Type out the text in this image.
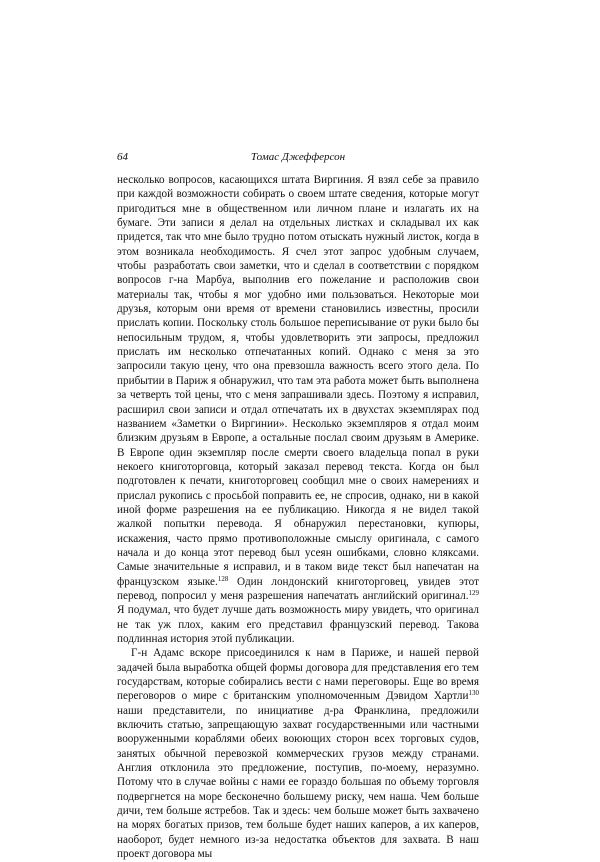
64	Томас Джефферсон

несколько вопросов, касающихся штата Виргиния. Я взял себе за правило при каждой возможности собирать о своем штате сведения, которые могут пригодиться мне в общественном или личном плане и излагать их на бумаге. Эти записи я делал на отдельных листках и складывал их как придется, так что мне было трудно потом отыскать нужный листок, когда в этом возникала необходимость. Я счел этот запрос удобным случаем, чтобы  разработать свои заметки, что и сделал в соответствии с порядком вопросов г-на Марбуа, выполнив его пожелание и расположив свои материалы так, чтобы я мог удобно ими пользоваться. Некоторые мои друзья, которым они время от времени становились известны, просили прислать копии. Поскольку столь большое переписывание от руки было бы непосильным трудом, я, чтобы удовлетворить эти запросы, предложил прислать им несколько отпечатанных копий. Однако с меня за это запросили такую цену, что она превзошла важность всего этого дела. По прибытии в Париж я обнаружил, что там эта работа может быть выполнена за четверть той цены, что с меня запрашивали здесь. Поэтому я исправил, расширил свои записи и отдал отпечатать их в двухстах экземплярах под названием «Заметки о Виргинии». Несколько экземпляров я отдал моим близким друзьям в Европе, а остальные послал своим друзьям в Америке. В Европе один экземпляр после смерти своего владельца попал в руки некоего книготорговца, который заказал перевод текста. Когда он был подготовлен к печати, книготорговец сообщил мне о своих намерениях и прислал рукопись с просьбой поправить ее, не спросив, однако, ни в какой иной форме разрешения на ее публикацию. Никогда я не видел такой жалкой попытки перевода. Я обнаружил перестановки, купюры, искажения, часто прямо противоположные смыслу оригинала, с самого начала и до конца этот перевод был усеян ошибками, словно кляксами. Самые значительные я исправил, и в таком виде текст был напечатан на французском языке.$^{128}$ Один лондонский книготорговец, увидев этот перевод, попросил у меня разрешения напечатать английский оригинал.$^{129}$ Я подумал, что будет лучше дать возможность миру увидеть, что оригинал не так уж плох, каким его представил французский перевод. Такова подлинная история этой публикации.

Г-н Адамс вскоре присоединился к нам в Париже, и нашей первой задачей была выработка общей формы договора для представления его тем государствам, которые собирались вести с нами переговоры. Еще во время переговоров о мире с британским уполномоченным Дэвидом Хартли$^{130}$ наши представители, по инициативе д-ра Франклина, предложили включить статью, запрещающую захват государственными или частными вооруженными кораблями обеих воюющих сторон всех торговых судов, занятых обычной перевозкой коммерческих грузов между странами. Англия отклонила это предложение, поступив, по-моему, неразумно. Потому что в случае войны с нами ее гораздо большая по объему торговля подвергнется на море бесконечно большему риску, чем наша. Чем больше дичи, тем больше ястребов. Так и здесь: чем больше может быть захвачено на морях богатых призов, тем больше будет наших каперов, а их каперов, наоборот, будет немного из-за недостатка объектов для захвата. В наш проект договора мы
